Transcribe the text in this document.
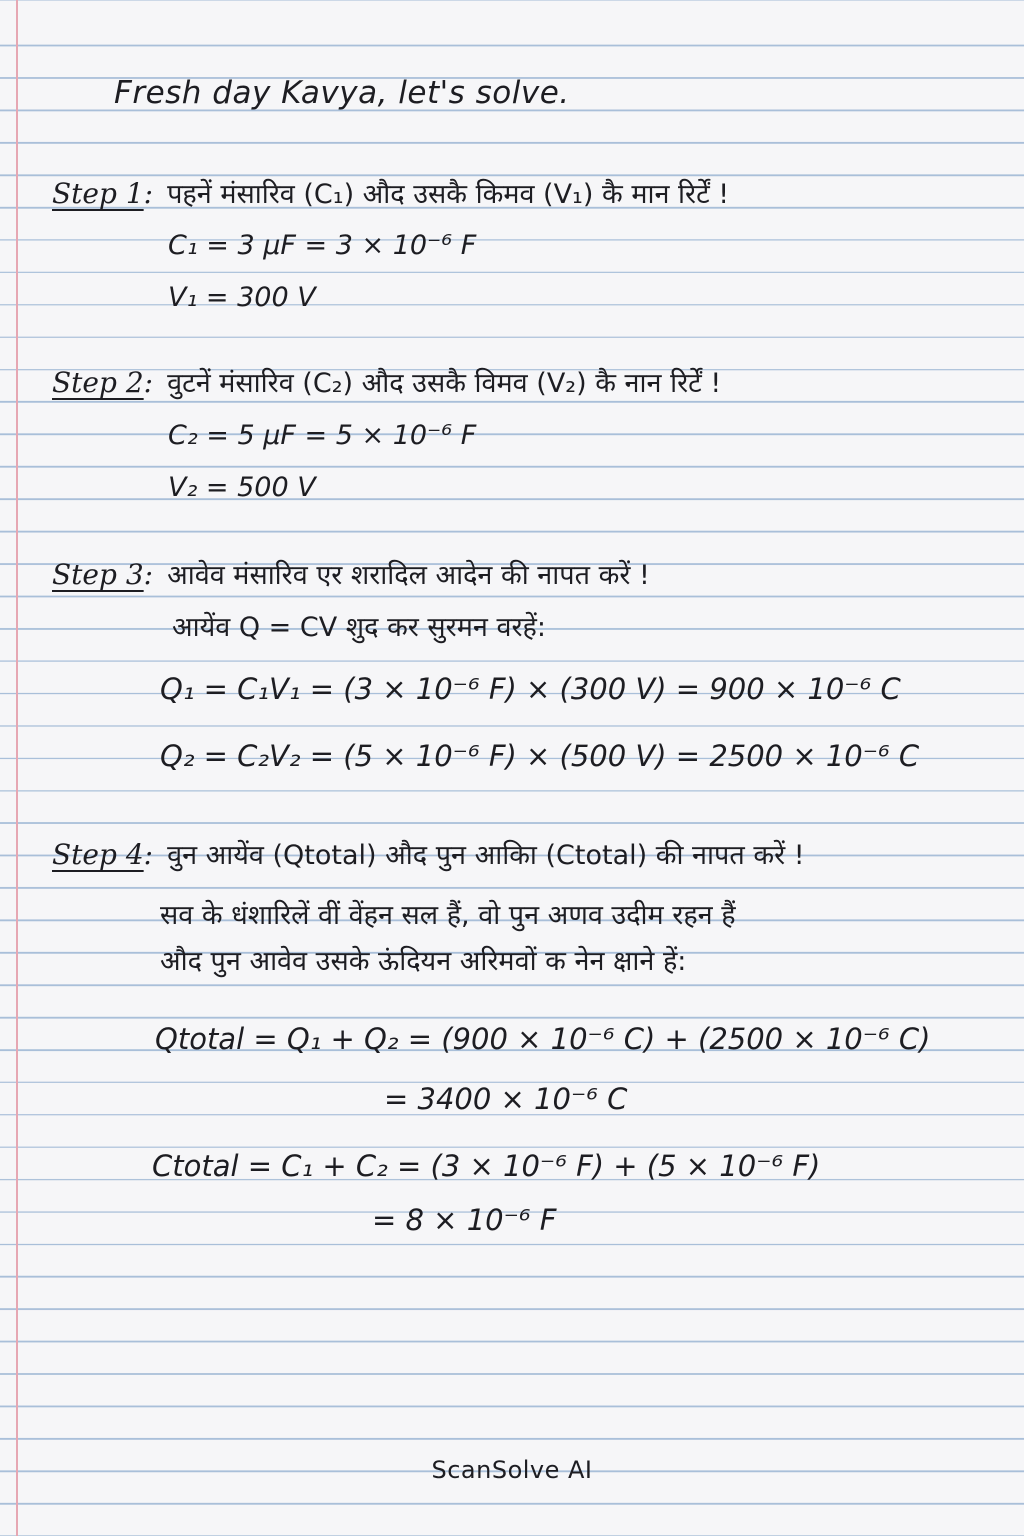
Fresh day Kavya, let's solve.
Step 1:  पहनें मंसारिव (C₁) औद उसकै किमव (V₁) कै मान रिर्टें !
C₁ = 3 μF = 3 × 10⁻⁶ F
V₁ = 300 V
Step 2:  वुटनें मंसारिव (C₂) औद उसकै विमव (V₂) कै नान रिर्टें !
C₂ = 5 μF = 5 × 10⁻⁶ F
V₂ = 500 V
Step 3:  आवेव मंसारिव एर शरादिल आदेन की नापत करें !
आयेंव Q = CV शुद कर सुरमन वरहें:
Q₁ = C₁V₁ = (3 × 10⁻⁶ F) × (300 V) = 900 × 10⁻⁶ C
Q₂ = C₂V₂ = (5 × 10⁻⁶ F) × (500 V) = 2500 × 10⁻⁶ C
Step 4:  वुन आयेंव (Qtotal) औद पुन आकिा (Ctotal) की नापत करें !
सव के धंशारिलें वीं वेंहन सल हैं, वो पुन अणव उदीम रहन हैं
औद पुन आवेव उसके ऊंदियन अरिमवों क नेन क्षाने हें:
Qtotal = Q₁ + Q₂ = (900 × 10⁻⁶ C) + (2500 × 10⁻⁶ C)
= 3400 × 10⁻⁶ C
Ctotal = C₁ + C₂ = (3 × 10⁻⁶ F) + (5 × 10⁻⁶ F)
= 8 × 10⁻⁶ F
ScanSolve AI
